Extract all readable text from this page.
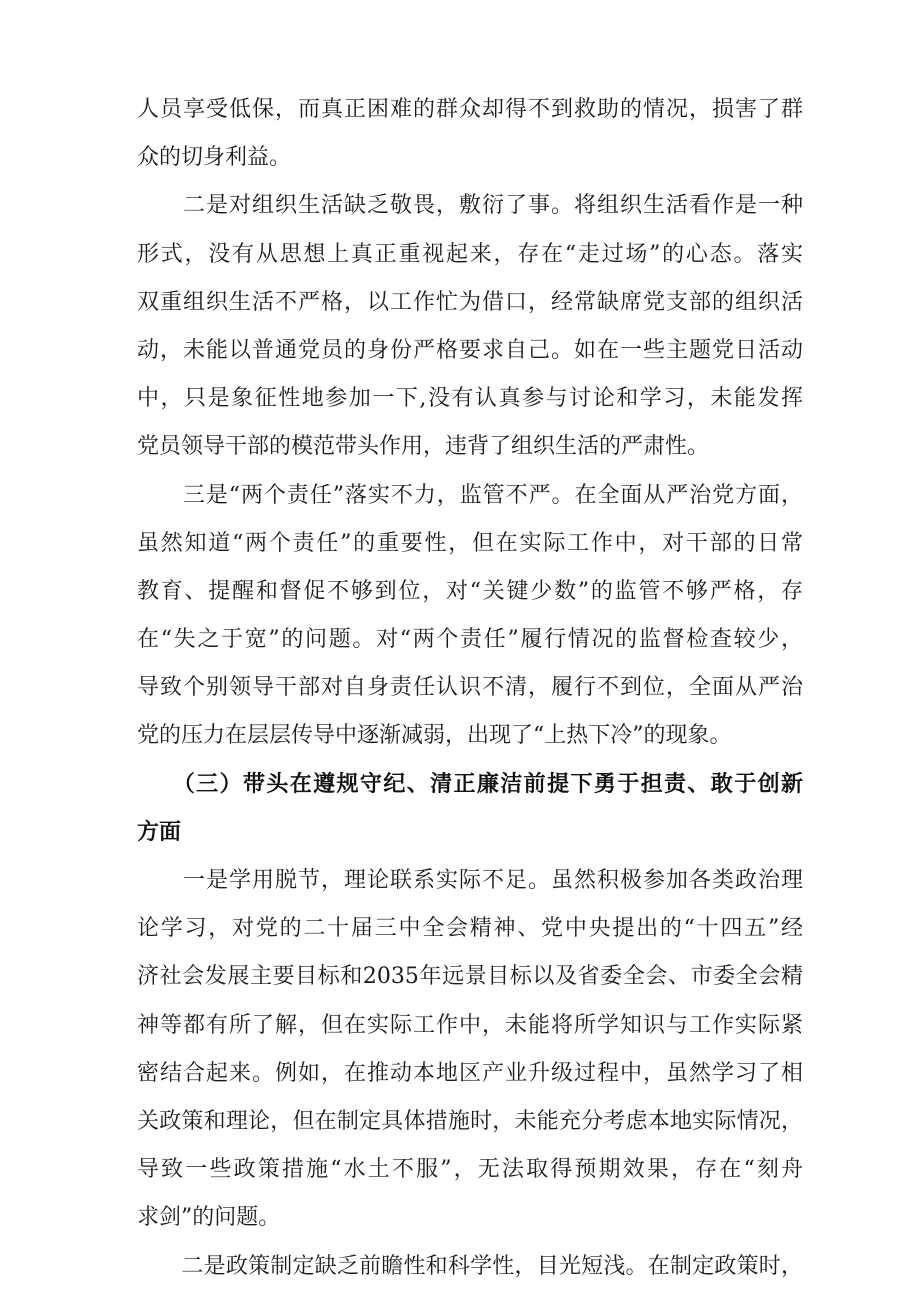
人员享受低保，而真正困难的群众却得不到救助的情况，损害了群
众的切身利益。
　　二是对组织生活缺乏敬畏，敷衍了事。将组织生活看作是一种
形式，没有从思想上真正重视起来，存在“走过场”的心态。落实
双重组织生活不严格，以工作忙为借口，经常缺席党支部的组织活
动，未能以普通党员的身份严格要求自己。如在一些主题党日活动
中，只是象征性地参加一下,没有认真参与讨论和学习，未能发挥
党员领导干部的模范带头作用，违背了组织生活的严肃性。
　　三是“两个责任”落实不力，监管不严。在全面从严治党方面，
虽然知道“两个责任”的重要性，但在实际工作中，对干部的日常
教育、提醒和督促不够到位，对“关键少数”的监管不够严格，存
在“失之于宽”的问题。对“两个责任”履行情况的监督检查较少，
导致个别领导干部对自身责任认识不清，履行不到位，全面从严治
党的压力在层层传导中逐渐减弱，出现了“上热下冷”的现象。
　　（三）带头在遵规守纪、清正廉洁前提下勇于担责、敢于创新
方面
　　一是学用脱节，理论联系实际不足。虽然积极参加各类政治理
论学习，对党的二十届三中全会精神、党中央提出的“十四五”经
济社会发展主要目标和2035年远景目标以及省委全会、市委全会精
神等都有所了解，但在实际工作中，未能将所学知识与工作实际紧
密结合起来。例如，在推动本地区产业升级过程中，虽然学习了相
关政策和理论，但在制定具体措施时，未能充分考虑本地实际情况，
导致一些政策措施“水土不服”，无法取得预期效果，存在“刻舟
求剑”的问题。
　　二是政策制定缺乏前瞻性和科学性，目光短浅。在制定政策时，
